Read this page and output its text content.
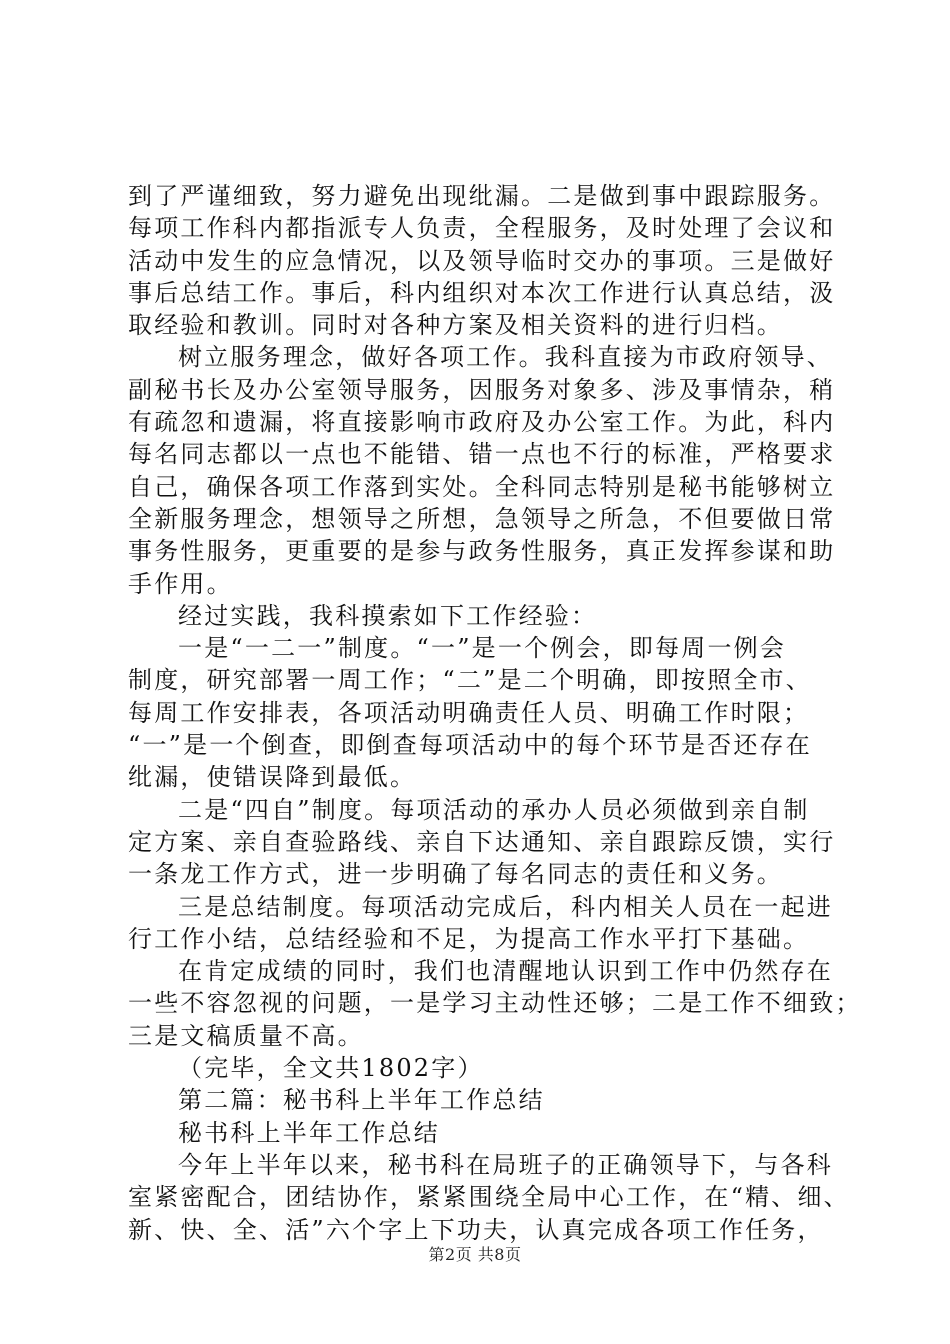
到了严谨细致，努力避免出现纰漏。二是做到事中跟踪服务。
每项工作科内都指派专人负责，全程服务，及时处理了会议和
活动中发生的应急情况，以及领导临时交办的事项。三是做好
事后总结工作。事后，科内组织对本次工作进行认真总结，汲
取经验和教训。同时对各种方案及相关资料的进行归档。
树立服务理念，做好各项工作。我科直接为市政府领导、
副秘书长及办公室领导服务，因服务对象多、涉及事情杂，稍
有疏忽和遗漏，将直接影响市政府及办公室工作。为此，科内
每名同志都以一点也不能错、错一点也不行的标准，严格要求
自己，确保各项工作落到实处。全科同志特别是秘书能够树立
全新服务理念，想领导之所想，急领导之所急，不但要做日常
事务性服务，更重要的是参与政务性服务，真正发挥参谋和助
手作用。
经过实践，我科摸索如下工作经验：
一是“一二一”制度。“一”是一个例会，即每周一例会
制度，研究部署一周工作；“二”是二个明确，即按照全市、
每周工作安排表，各项活动明确责任人员、明确工作时限；
“一”是一个倒查，即倒查每项活动中的每个环节是否还存在
纰漏，使错误降到最低。
二是“四自”制度。每项活动的承办人员必须做到亲自制
定方案、亲自查验路线、亲自下达通知、亲自跟踪反馈，实行
一条龙工作方式，进一步明确了每名同志的责任和义务。
三是总结制度。每项活动完成后，科内相关人员在一起进
行工作小结，总结经验和不足，为提高工作水平打下基础。
在肯定成绩的同时，我们也清醒地认识到工作中仍然存在
一些不容忽视的问题，一是学习主动性还够；二是工作不细致；
三是文稿质量不高。
（完毕，全文共1802字）
第二篇：秘书科上半年工作总结
秘书科上半年工作总结
今年上半年以来，秘书科在局班子的正确领导下，与各科
室紧密配合，团结协作，紧紧围绕全局中心工作，在“精、细、
新、快、全、活”六个字上下功夫，认真完成各项工作任务，
第2页 共8页
